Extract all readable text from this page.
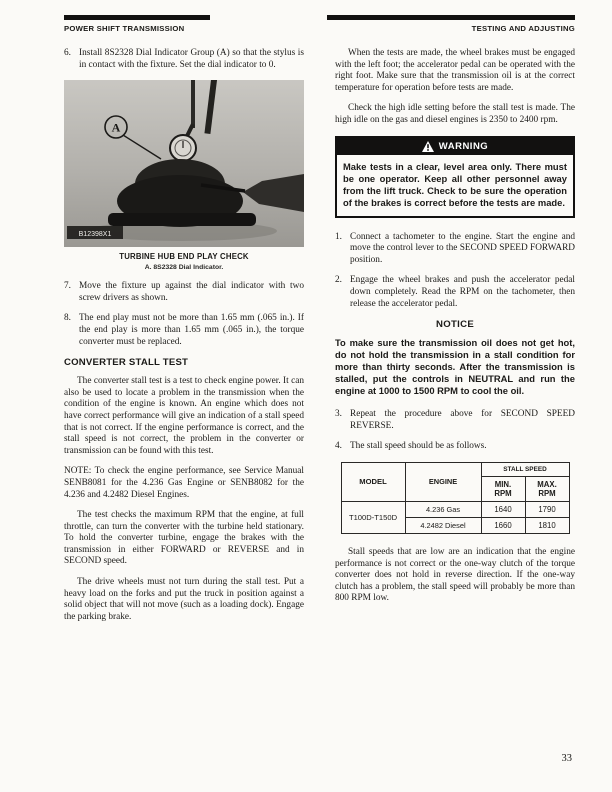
POWER SHIFT TRANSMISSION	TESTING AND ADJUSTING
6. Install 8S2328 Dial Indicator Group (A) so that the stylus is in contact with the fixture. Set the dial indicator to 0.
A
B12398X1
TURBINE HUB END PLAY CHECK
A. 8S2328 Dial Indicator.
7. Move the fixture up against the dial indicator with two screw drivers as shown.
8. The end play must not be more than 1.65 mm (.065 in.). If the end play is more than 1.65 mm (.065 in.), the torque converter must be replaced.
CONVERTER STALL TEST

The converter stall test is a test to check engine power. It can also be used to locate a problem in the transmission when the condition of the engine is known. An engine which does not have correct performance will give an indication of a stall speed that is not correct. If the engine performance is correct, and the stall speed is not correct, the problem in the converter or transmission can be found with this test.

NOTE: To check the engine performance, see Service Manual SENB8081 for the 4.236 Gas Engine or SENB8082 for the 4.236 and 4.2482 Diesel Engines.

The test checks the maximum RPM that the engine, at full throttle, can turn the converter with the turbine held stationary. To hold the converter turbine, engage the brakes with the transmission in either FORWARD or REVERSE and in SECOND speed.

The drive wheels must not turn during the stall test. Put a heavy load on the forks and put the truck in position against a solid object that will not move (such as a loading dock). Engage the parking brake.

When the tests are made, the wheel brakes must be engaged with the left foot; the accelerator pedal can be operated with the right foot. Make sure that the transmission oil is at the correct temperature for operation before tests are made.

Check the high idle setting before the stall test is made. The high idle on the gas and diesel engines is 2350 to 2400 rpm.

WARNING
Make tests in a clear, level area only. There must be one operator. Keep all other personnel away from the lift truck. Check to be sure the operation of the brakes is correct before the tests are made.
1. Connect a tachometer to the engine. Start the engine and move the control lever to the SECOND SPEED FORWARD position.
2. Engage the wheel brakes and push the accelerator pedal down completely. Read the RPM on the tachometer, then release the accelerator pedal.
NOTICE
To make sure the transmission oil does not get hot, do not hold the transmission in a stall condition for more than thirty seconds. After the transmission is stalled, put the controls in NEUTRAL and run the engine at 1000 to 1500 RPM to cool the oil.
3. Repeat the procedure above for SECOND SPEED REVERSE.
4. The stall speed should be as follows.
MODEL	ENGINE	STALL SPEED	
		MIN. RPM	MAX. RPM
T100D-T150D	4.236 Gas	1640	1790
	4.2482 Diesel	1660	1810

Stall speeds that are low are an indication that the engine performance is not correct or the one-way clutch of the torque converter does not hold in reverse direction. If the one-way clutch has a problem, the stall speed will probably be more than 800 RPM low.

33
